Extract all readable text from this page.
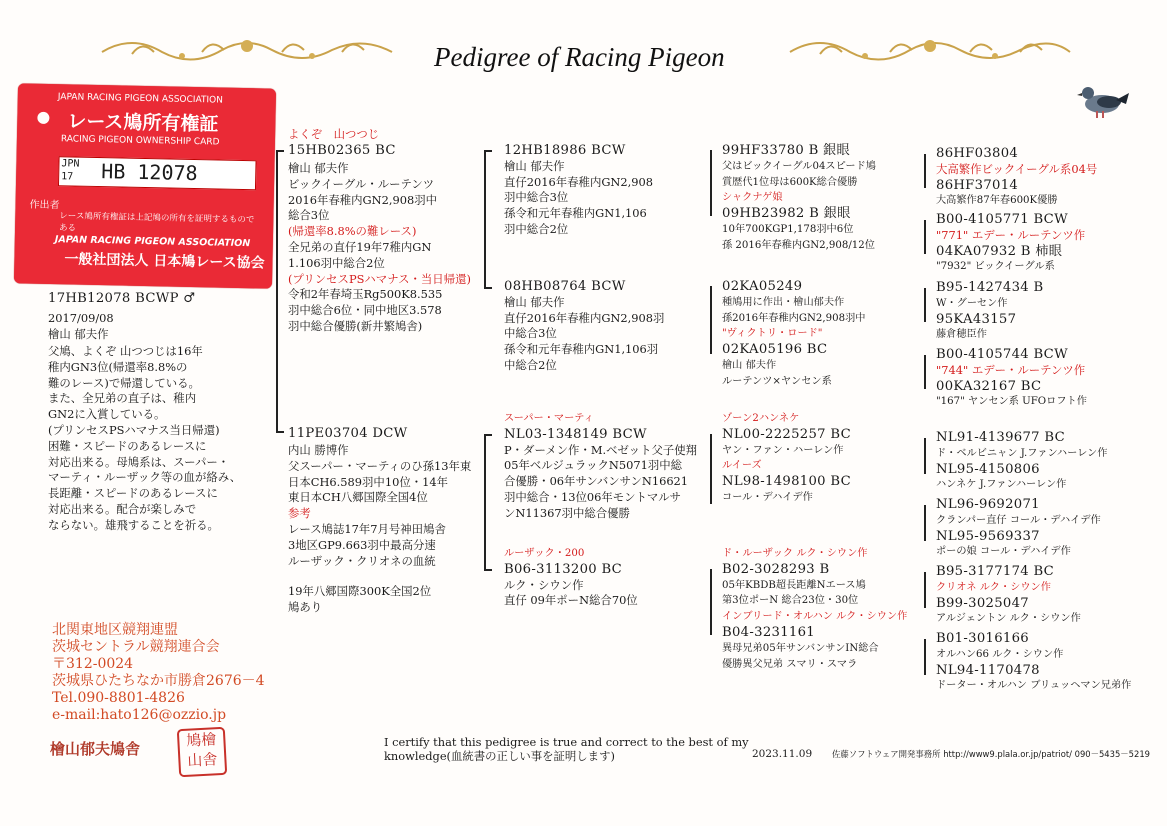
Pedigree of Racing Pigeon
JAPAN RACING PIGEON ASSOCIATION
レース鳩所有権証
RACING PIGEON OWNERSHIP CARD
JPN 17	HB 12078
作出者
レース鳩所有権証は上記鳩の所有を証明するものである
JAPAN RACING PIGEON ASSOCIATION
一般社団法人 日本鳩レース協会
17HB12078 BCWP ♂
2017/09/08
檜山 郁夫作
父鳩、よくぞ 山つつじは16年
稚内GN3位(帰還率8.8%の
難のレース)で帰還している。
また、全兄弟の直子は、稚内
GN2に入賞している。
(プリンセスPSハマナス当日帰還)
困難・スピードのあるレースに
対応出来る。母鳩系は、スーパー・
マーティ・ルーザック等の血が絡み、
長距離・スピードのあるレースに
対応出来る。配合が楽しみで
ならない。雄飛することを祈る。
よくぞ　山つつじ
15HB02365 BC
檜山 郁夫作
ビックイーグル・ルーテンツ
2016年春稚内GN2,908羽中
総合3位
(帰還率8.8%の難レース)
全兄弟の直仔19年7稚内GN
1.106羽中総合2位
(プリンセスPSハマナス・当日帰還)
令和2年春埼玉Rg500K8.535
羽中総合6位・同中地区3.578
羽中総合優勝(新井繁鳩舎)
11PE03704 DCW
内山 勝博作
父スーパー・マーティのひ孫13年東
日本CH6.589羽中10位・14年
東日本CH八郷国際全国4位
参考
レース鳩誌17年7月号神田鳩舎
3地区GP9.663羽中最高分速
ルーザック・クリオネの血統
19年八郷国際300K全国2位
鳩あり
12HB18986 BCW
檜山 郁夫作
直仔2016年春稚内GN2,908
羽中総合3位
孫令和元年春稚内GN1,106
羽中総合2位
08HB08764 BCW
檜山 郁夫作
直仔2016年春稚内GN2,908羽
中総合3位
孫令和元年春稚内GN1,106羽
中総合2位
スーパー・マーティ
NL03-1348149 BCW
P・ダーメン作・M.ベゼット父子使翔
05年ベルジュラックN5071羽中総
合優勝・06年サンバンサンN16621
羽中総合・13位06年モントマルサ
ンN11367羽中総合優勝
ルーザック・200
B06-3113200 BC
ルク・シウン作
直仔 09年ポーN総合70位
99HF33780 B 銀眼
父はビックイーグル04スピード鳩
賞歴代1位母は600K総合優勝
シャクナゲ娘
09HB23982 B 銀眼
10年700KGP1,178羽中6位
孫 2016年春稚内GN2,908/12位
02KA05249
種鳩用に作出・檜山郁夫作
孫2016年春稚内GN2,908羽中
"ヴィクトリ・ロード"
02KA05196 BC
檜山 郁夫作
ルーテンツ×ヤンセン系
ゾーン2ハンネケ
NL00-2225257 BC
ヤン・ファン・ハーレン作
ルイーズ
NL98-1498100 BC
コール・デハイデ作
ド・ルーザック ルク・シウン作
B02-3028293 B
05年KBDB超長距離Nエース鳩
第3位ポーN 総合23位・30位
インブリード・オルハン ルク・シウン作
B04-3231161
異母兄弟05年サンバンサンIN総合
優勝異父兄弟 スマリ・スマラ
86HF03804
大高繁作ビックイーグル系04号
86HF37014
大高繁作87年春600K優勝
B00-4105771 BCW
"771" エデー・ルーテンツ作
04KA07932 B 柿眼
"7932" ビックイーグル系
B95-1427434 B
W・グーセン作
95KA43157
藤倉穂臣作
B00-4105744 BCW
"744" エデー・ルーテンツ作
00KA32167 BC
"167" ヤンセン系 UFOロフト作
NL91-4139677 BC
ド・ベルビニャン J.ファンハーレン作
NL95-4150806
ハンネケ J.ファンハーレン作
NL96-9692071
クランパー直仔 コール・デハイデ作
NL95-9569337
ポーの娘 コール・デハイデ作
B95-3177174 BC
クリオネ ルク・シウン作
B99-3025047
アルジェントン ルク・シウン作
B01-3016166
オルハン66 ルク・シウン作
NL94-1170478
ドーター・オルハン ブリュッヘマン兄弟作
北関東地区競翔連盟
茨城セントラル競翔連合会
〒312-0024
茨城県ひたちなか市勝倉2676－4
Tel.090-8801-4826
e-mail:hato126@ozzio.jp
檜山郁夫鳩舎	鳩檜山舎
I certify that this pedigree is true and correct to the best of my
knowledge(血統書の正しい事を証明します)	2023.11.09 佐藤ソフトウェア開発事務所 http://www9.plala.or.jp/patriot/ 090－5435－5219
